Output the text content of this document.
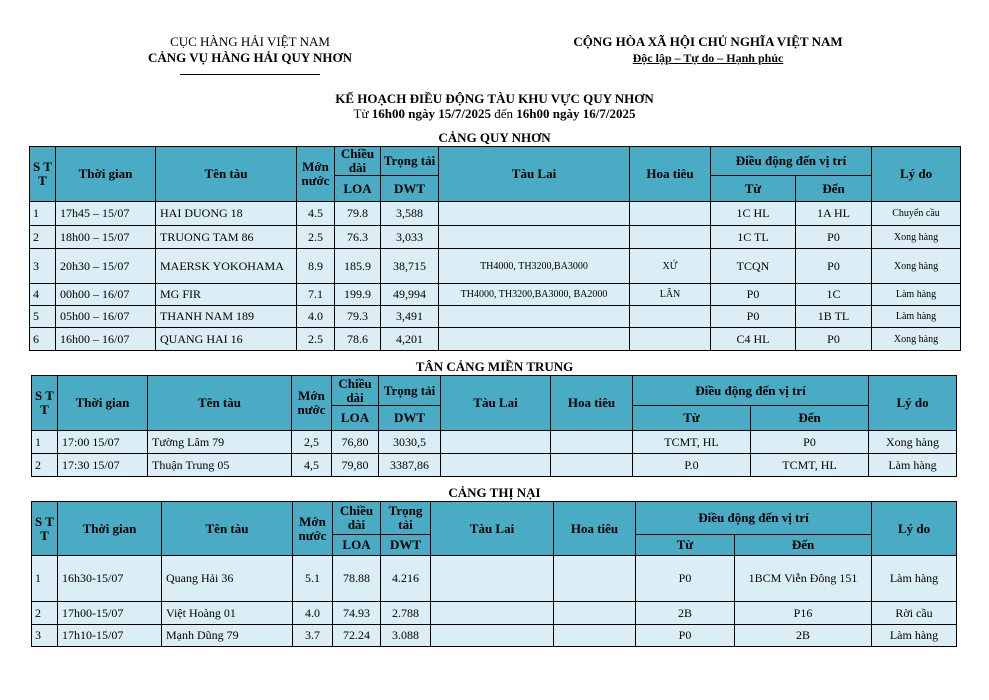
CỤC HÀNG HẢI VIỆT NAM
CẢNG VỤ HÀNG HẢI QUY NHƠN
CỘNG HÒA XÃ HỘI CHỦ NGHĨA VIỆT NAM
Độc lập – Tự do – Hạnh phúc
KẾ HOẠCH ĐIỀU ĐỘNG TÀU KHU VỰC QUY NHƠN
Từ 16h00 ngày 15/7/2025 đến 16h00 ngày 16/7/2025
CẢNG QUY NHƠN
S T T	Thời gian	Tên tàu	Mớn nước	Chiều dài	Trọng tải	Tàu Lai	Hoa tiêu	Điều động đến vị trí		Lý do
				LOA	DWT			Từ	Đến	
1	17h45 – 15/07	HAI DUONG 18	4.5	79.8	3,588			1C HL	1A HL	Chuyển cầu
2	18h00 – 15/07	TRUONG TAM 86	2.5	76.3	3,033			1C TL	P0	Xong hàng
3	20h30 – 15/07	MAERSK YOKOHAMA	8.9	185.9	38,715	TH4000, TH3200,BA3000	XỨ	TCQN	P0	Xong hàng
4	00h00 – 16/07	MG FIR	7.1	199.9	49,994	TH4000, TH3200,BA3000, BA2000	LÂN	P0	1C	Làm hàng
5	05h00 – 16/07	THANH NAM 189	4.0	79.3	3,491			P0	1B TL	Làm hàng
6	16h00 – 16/07	QUANG HAI 16	2.5	78.6	4,201			C4 HL	P0	Xong hàng
TÂN CẢNG MIỀN TRUNG
S T T	Thời gian	Tên tàu	Mớn nước	Chiều dài	Trọng tải	Tàu Lai	Hoa tiêu	Điều động đến vị trí		Lý do
				LOA	DWT			Từ	Đến	
1	17:00 15/07	Tường Lâm 79	2,5	76,80	3030,5			TCMT, HL	P0	Xong hàng
2	17:30 15/07	Thuận Trung 05	4,5	79,80	3387,86			P.0	TCMT, HL	Làm hàng
CẢNG THỊ NẠI
S T T	Thời gian	Tên tàu	Mớn nước	Chiều dài	Trọng tải	Tàu Lai	Hoa tiêu	Điều động đến vị trí		Lý do
				LOA	DWT			Từ	Đến	
1	16h30-15/07	Quang Hải 36	5.1	78.88	4.216			P0	1BCM Viễn Đông 151	Làm hàng
2	17h00-15/07	Việt Hoàng 01	4.0	74.93	2.788			2B	P16	Rời cầu
3	17h10-15/07	Mạnh Dũng 79	3.7	72.24	3.088			P0	2B	Làm hàng
